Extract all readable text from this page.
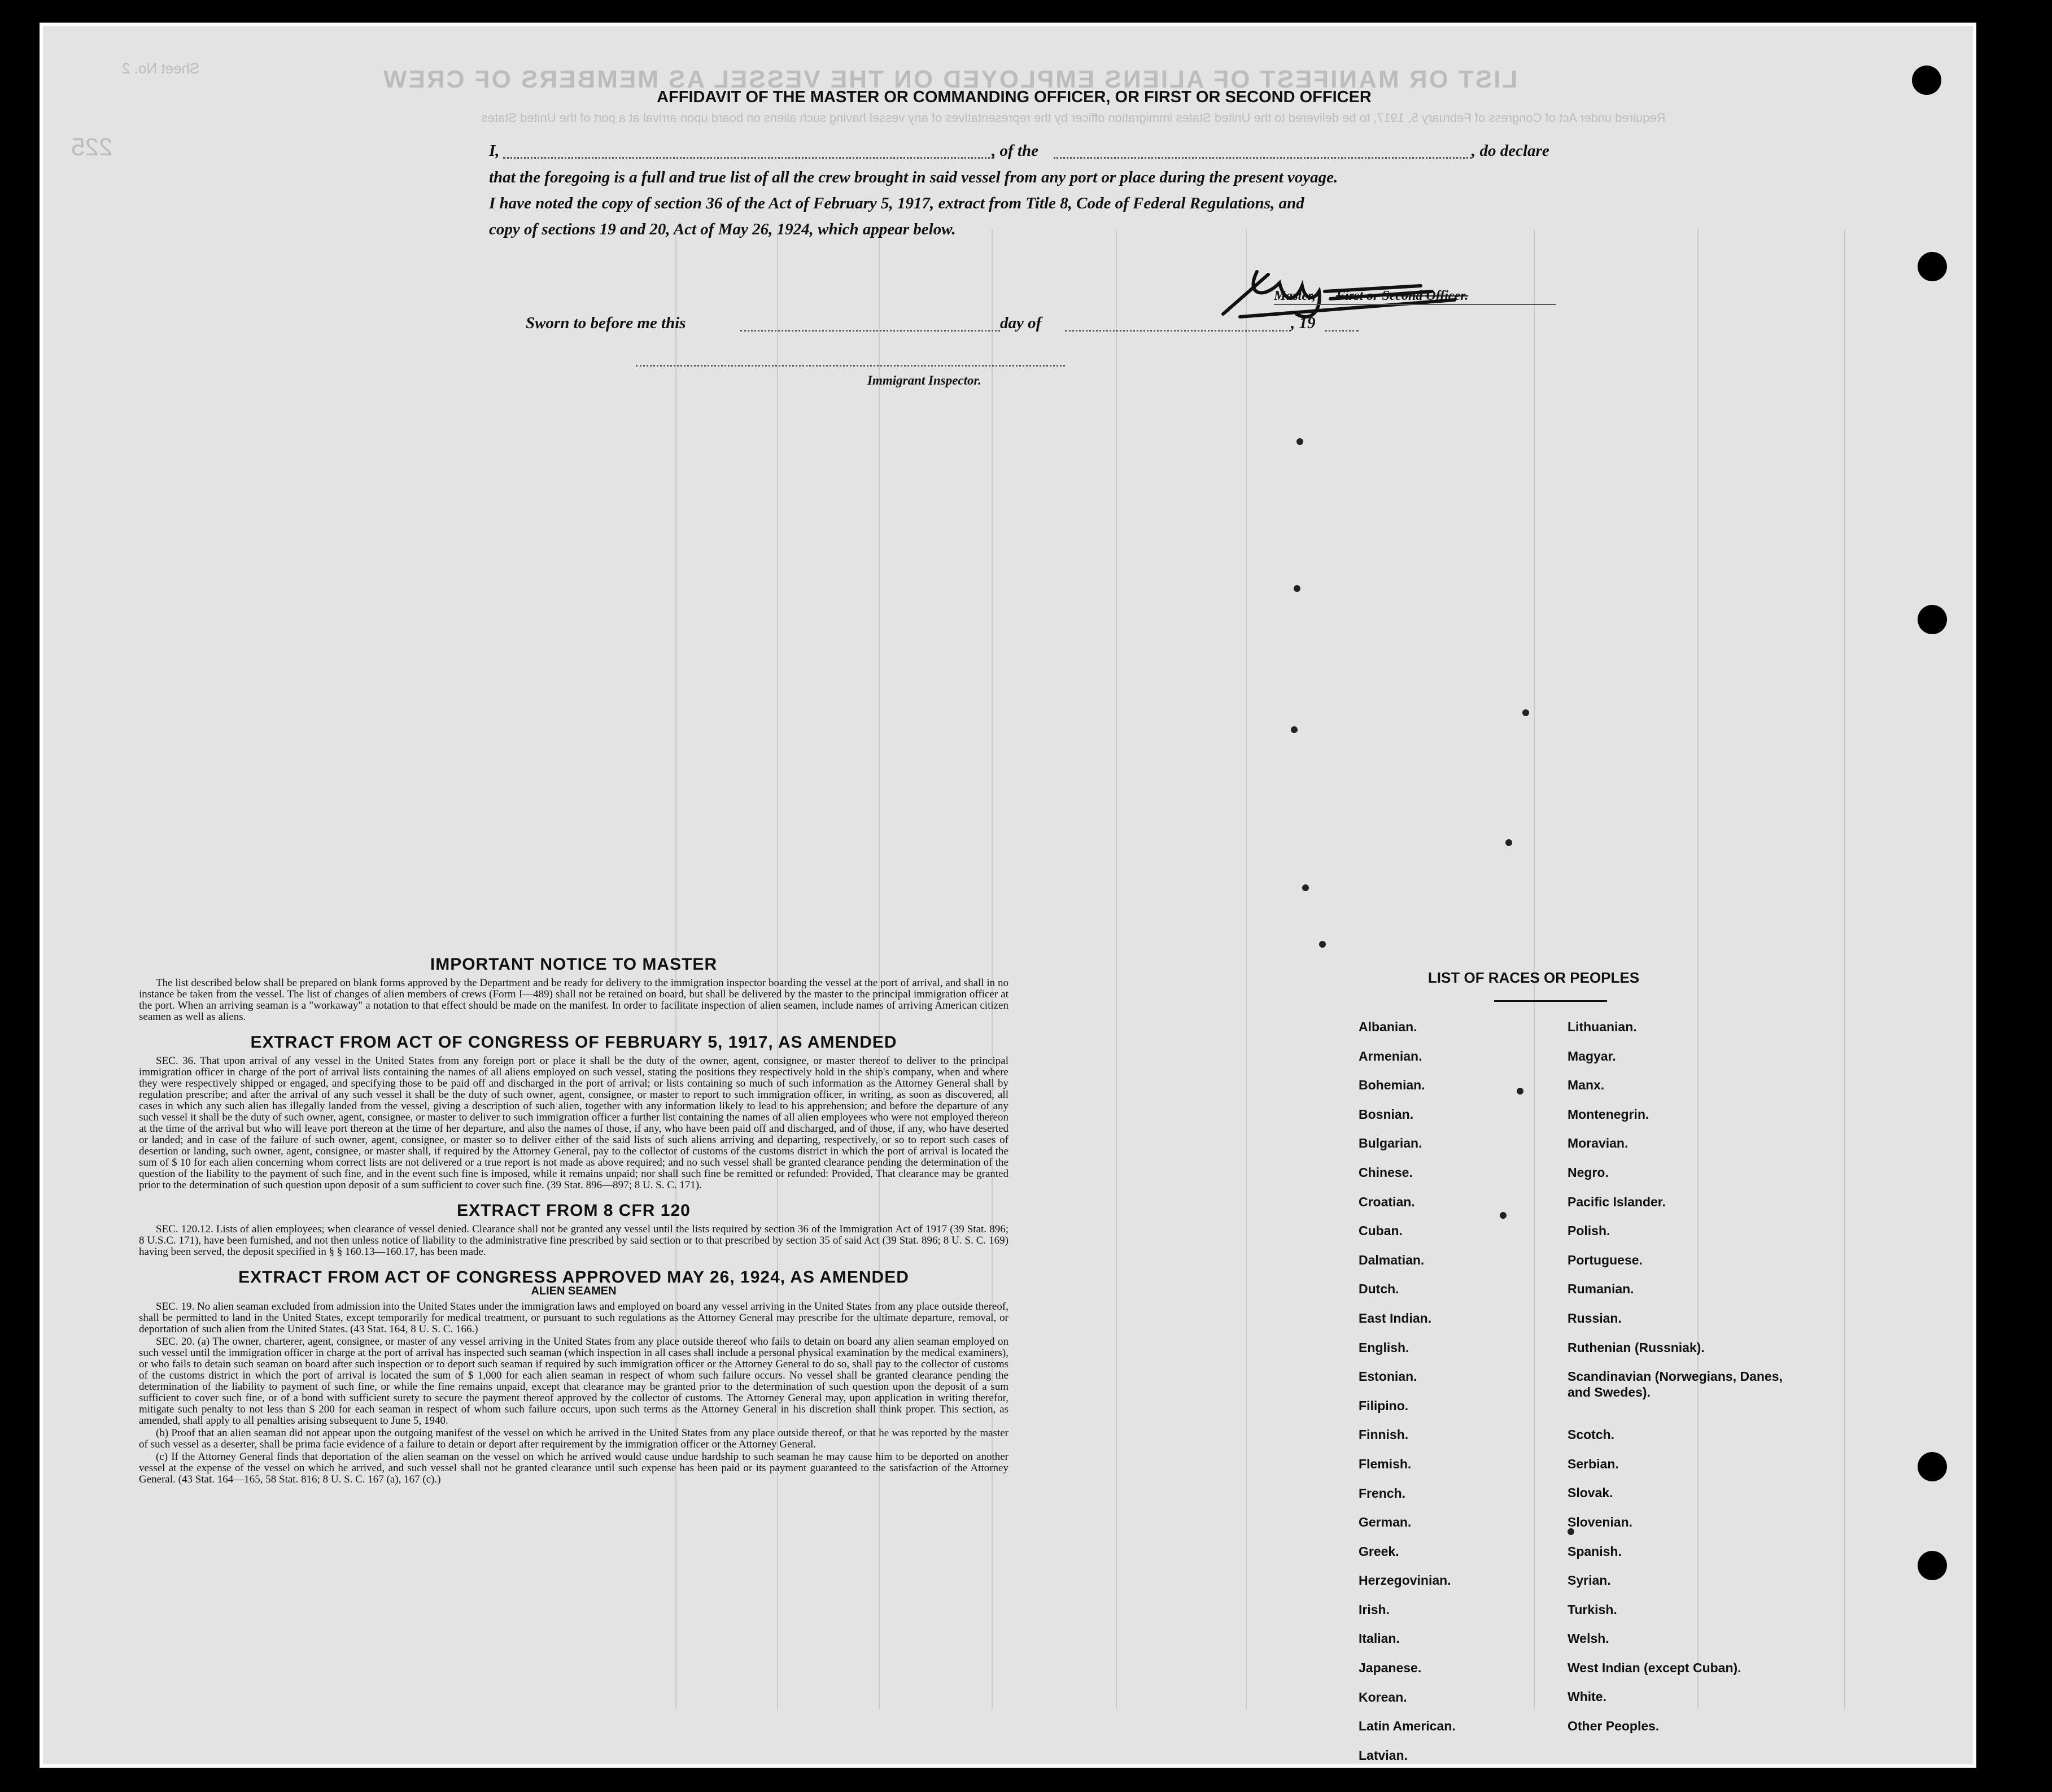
LIST OR MANIFEST OF ALIENS EMPLOYED ON THE VESSEL AS MEMBERS OF CREW
Required under Act of Congress of February 5, 1917, to be delivered to the United States immigration officer by the representatives of any vessel having such aliens on board upon arrival at a port of the United States
Sheet No. 2
225
AFFIDAVIT OF THE MASTER OR COMMANDING OFFICER, OR FIRST OR SECOND OFFICER
I,	, of the	, do declare
that the foregoing is a full and true list of all the crew brought in said vessel from any port or place during the present voyage.
I have noted the copy of section 36 of the Act of February 5, 1917, extract from Title 8, Code of Federal Regulations, and
copy of sections 19 and 20, Act of May 26, 1924, which appear below.
Master, First or Second Officer.
Sworn to before me this	day of	, 19
Immigrant Inspector.
IMPORTANT NOTICE TO MASTER

The list described below shall be prepared on blank forms approved by the Department and be ready for delivery to the immigration inspector boarding the vessel at the port of arrival, and shall in no instance be taken from the vessel. The list of changes of alien members of crews (Form I—489) shall not be retained on board, but shall be delivered by the master to the principal immigration officer at the port. When an arriving seaman is a "workaway" a notation to that effect should be made on the manifest. In order to facilitate inspection of alien seamen, include names of arriving American citizen seamen as well as aliens.

EXTRACT FROM ACT OF CONGRESS OF FEBRUARY 5, 1917, AS AMENDED

SEC. 36. That upon arrival of any vessel in the United States from any foreign port or place it shall be the duty of the owner, agent, consignee, or master thereof to deliver to the principal immigration officer in charge of the port of arrival lists containing the names of all aliens employed on such vessel, stating the positions they respectively hold in the ship's company, when and where they were respectively shipped or engaged, and specifying those to be paid off and discharged in the port of arrival; or lists containing so much of such information as the Attorney General shall by regulation prescribe; and after the arrival of any such vessel it shall be the duty of such owner, agent, consignee, or master to report to such immigration officer, in writing, as soon as discovered, all cases in which any such alien has illegally landed from the vessel, giving a description of such alien, together with any information likely to lead to his apprehension; and before the departure of any such vessel it shall be the duty of such owner, agent, consignee, or master to deliver to such immigration officer a further list containing the names of all alien employees who were not employed thereon at the time of the arrival but who will leave port thereon at the time of her departure, and also the names of those, if any, who have been paid off and discharged, and of those, if any, who have deserted or landed; and in case of the failure of such owner, agent, consignee, or master so to deliver either of the said lists of such aliens arriving and departing, respectively, or so to report such cases of desertion or landing, such owner, agent, consignee, or master shall, if required by the Attorney General, pay to the collector of customs of the customs district in which the port of arrival is located the sum of $ 10 for each alien concerning whom correct lists are not delivered or a true report is not made as above required; and no such vessel shall be granted clearance pending the determination of the question of the liability to the payment of such fine, and in the event such fine is imposed, while it remains unpaid; nor shall such fine be remitted or refunded: Provided, That clearance may be granted prior to the determination of such question upon deposit of a sum sufficient to cover such fine. (39 Stat. 896—897; 8 U. S. C. 171).

EXTRACT FROM 8 CFR 120

SEC. 120.12. Lists of alien employees; when clearance of vessel denied. Clearance shall not be granted any vessel until the lists required by section 36 of the Immigration Act of 1917 (39 Stat. 896; 8 U.S.C. 171), have been furnished, and not then unless notice of liability to the administrative fine prescribed by said section or to that prescribed by section 35 of said Act (39 Stat. 896; 8 U. S. C. 169) having been served, the deposit specified in § § 160.13—160.17, has been made.

EXTRACT FROM ACT OF CONGRESS APPROVED MAY 26, 1924, AS AMENDED
ALIEN SEAMEN

SEC. 19. No alien seaman excluded from admission into the United States under the immigration laws and employed on board any vessel arriving in the United States from any place outside thereof, shall be permitted to land in the United States, except temporarily for medical treatment, or pursuant to such regulations as the Attorney General may prescribe for the ultimate departure, removal, or deportation of such alien from the United States. (43 Stat. 164, 8 U. S. C. 166.)

SEC. 20. (a) The owner, charterer, agent, consignee, or master of any vessel arriving in the United States from any place outside thereof who fails to detain on board any alien seaman employed on such vessel until the immigration officer in charge at the port of arrival has inspected such seaman (which inspection in all cases shall include a personal physical examination by the medical examiners), or who fails to detain such seaman on board after such inspection or to deport such seaman if required by such immigration officer or the Attorney General to do so, shall pay to the collector of customs of the customs district in which the port of arrival is located the sum of $ 1,000 for each alien seaman in respect of whom such failure occurs. No vessel shall be granted clearance pending the determination of the liability to payment of such fine, or while the fine remains unpaid, except that clearance may be granted prior to the determination of such question upon the deposit of a sum sufficient to cover such fine, or of a bond with sufficient surety to secure the payment thereof approved by the collector of customs. The Attorney General may, upon application in writing therefor, mitigate such penalty to not less than $ 200 for each seaman in respect of whom such failure occurs, upon such terms as the Attorney General in his discretion shall think proper. This section, as amended, shall apply to all penalties arising subsequent to June 5, 1940.

(b) Proof that an alien seaman did not appear upon the outgoing manifest of the vessel on which he arrived in the United States from any place outside thereof, or that he was reported by the master of such vessel as a deserter, shall be prima facie evidence of a failure to detain or deport after requirement by the immigration officer or the Attorney General.

(c) If the Attorney General finds that deportation of the alien seaman on the vessel on which he arrived would cause undue hardship to such seaman he may cause him to be deported on another vessel at the expense of the vessel on which he arrived, and such vessel shall not be granted clearance until such expense has been paid or its payment guaranteed to the satisfaction of the Attorney General. (43 Stat. 164—165, 58 Stat. 816; 8 U. S. C. 167 (a), 167 (c).)

LIST OF RACES OR PEOPLES
Albanian.
Armenian.
Bohemian.
Bosnian.
Bulgarian.
Chinese.
Croatian.
Cuban.
Dalmatian.
Dutch.
East Indian.
English.
Estonian.
Filipino.
Finnish.
Flemish.
French.
German.
Greek.
Herzegovinian.
Irish.
Italian.
Japanese.
Korean.
Latin American.
Latvian.
Lithuanian.
Magyar.
Manx.
Montenegrin.
Moravian.
Negro.
Pacific Islander.
Polish.
Portuguese.
Rumanian.
Russian.
Ruthenian (Russniak).
Scandinavian (Norwegians, Danes, and Swedes).
Scotch.
Serbian.
Slovak.
Slovenian.
Spanish.
Syrian.
Turkish.
Welsh.
West Indian (except Cuban).
White.
Other Peoples.
